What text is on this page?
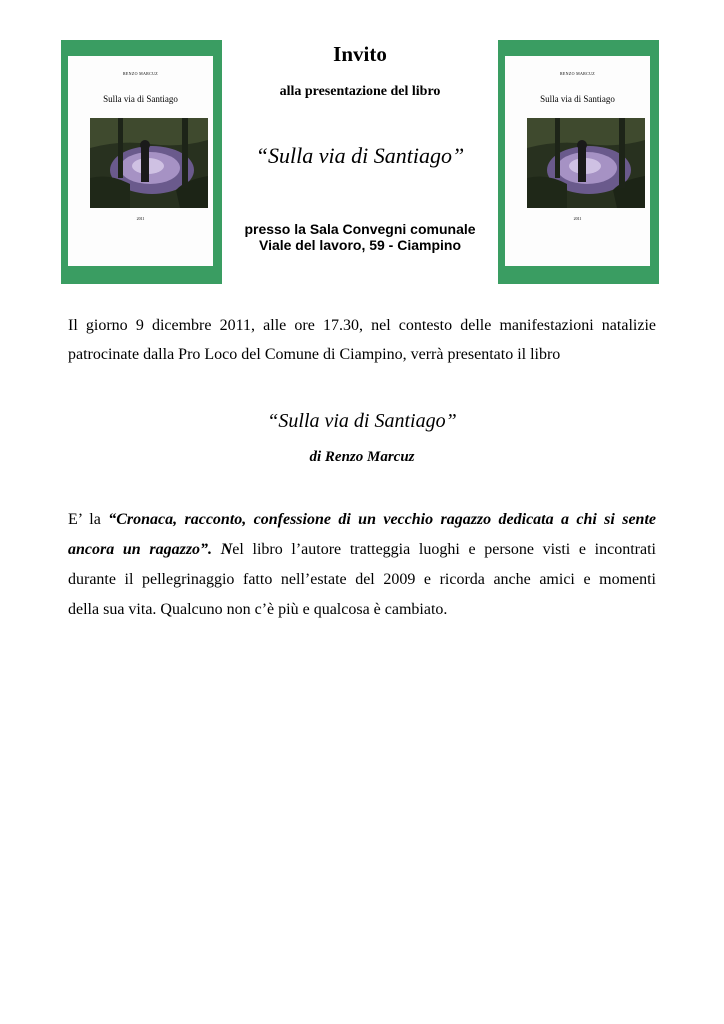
RENZO MARCUZ
Sulla via di Santiago
2011
RENZO MARCUZ
Sulla via di Santiago
2011
Invito
alla presentazione del libro
“Sulla via di Santiago”
presso la Sala Convegni comunale
Viale del lavoro, 59 - Ciampino

Il giorno 9 dicembre 2011, alle ore 17.30, nel contesto delle manifestazioni natalizie

patrocinate dalla Pro Loco del Comune di Ciampino, verrà presentato il libro

“Sulla via di Santiago”
di Renzo Marcuz

E’ la “Cronaca, racconto, confessione di un vecchio ragazzo dedicata a chi si sente

ancora un ragazzo”. Nel libro l’autore tratteggia luoghi e persone visti e incontrati

durante il pellegrinaggio fatto nell’estate del 2009 e ricorda anche amici e momenti

della sua vita. Qualcuno non c’è più e qualcosa è cambiato.
